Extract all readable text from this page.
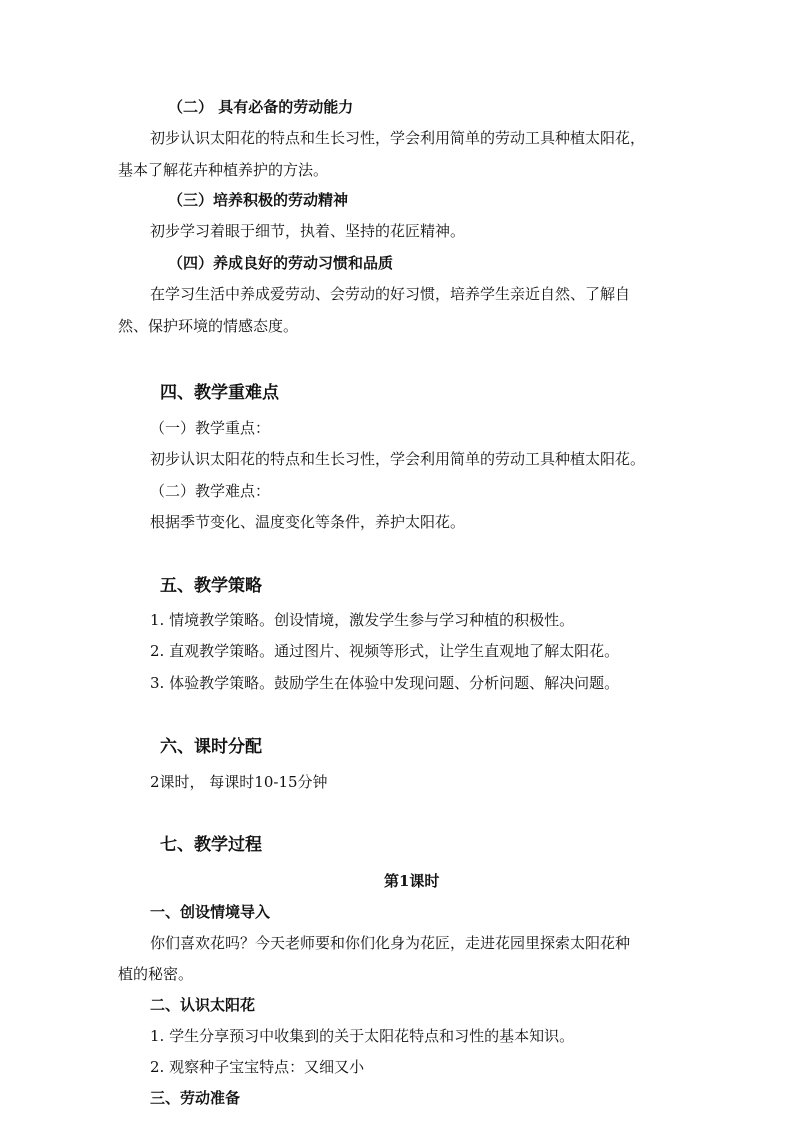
（二） 具有必备的劳动能力
初步认识太阳花的特点和生长习性，学会利用简单的劳动工具种植太阳花，
基本了解花卉种植养护的方法。
（三）培养积极的劳动精神
初步学习着眼于细节，执着、坚持的花匠精神。
（四）养成良好的劳动习惯和品质
在学习生活中养成爱劳动、会劳动的好习惯，培养学生亲近自然、了解自
然、保护环境的情感态度。
四、教学重难点
（一）教学重点：
初步认识太阳花的特点和生长习性，学会利用简单的劳动工具种植太阳花。
（二）教学难点：
根据季节变化、温度变化等条件，养护太阳花。
五、教学策略
1. 情境教学策略。创设情境，激发学生参与学习种植的积极性。
2. 直观教学策略。通过图片、视频等形式，让学生直观地了解太阳花。
3. 体验教学策略。鼓励学生在体验中发现问题、分析问题、解决问题。
六、课时分配
2课时， 每课时10-15分钟
七、教学过程
第1课时
一、创设情境导入
你们喜欢花吗？今天老师要和你们化身为花匠，走进花园里探索太阳花种
植的秘密。
二、认识太阳花
1. 学生分享预习中收集到的关于太阳花特点和习性的基本知识。
2. 观察种子宝宝特点：又细又小
三、劳动准备
